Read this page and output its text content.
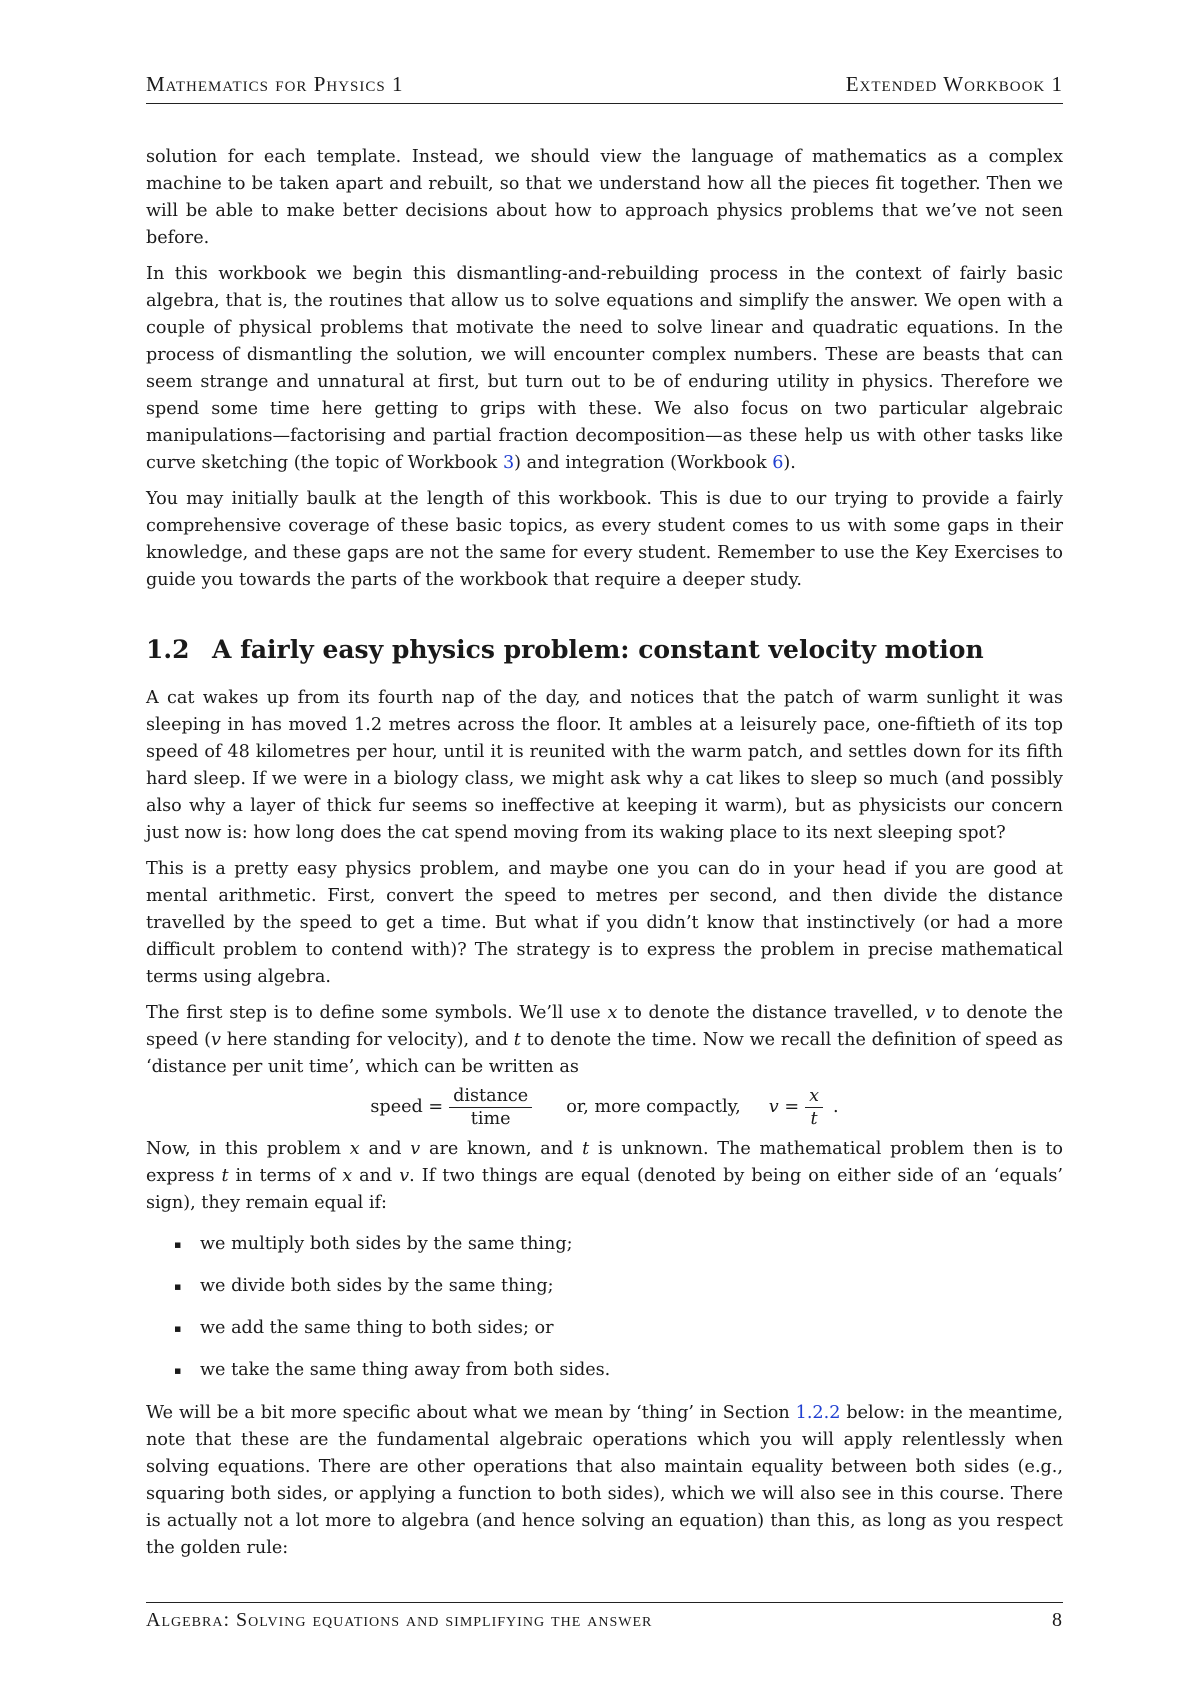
Mathematics for Physics 1	Extended Workbook 1

solution for each template. Instead, we should view the language of mathematics as a complex machine to be taken apart and rebuilt, so that we understand how all the pieces fit together. Then we will be able to make better decisions about how to approach physics problems that we’ve not seen before.

In this workbook we begin this dismantling-and-rebuilding process in the context of fairly basic algebra, that is, the routines that allow us to solve equations and simplify the answer. We open with a couple of physical problems that motivate the need to solve linear and quadratic equations. In the process of dismantling the solution, we will encounter complex numbers. These are beasts that can seem strange and unnatural at first, but turn out to be of enduring utility in physics. Therefore we spend some time here getting to grips with these. We also focus on two particular algebraic manipulations—factorising and partial fraction decomposition—as these help us with other tasks like curve sketching (the topic of Workbook 3) and integration (Workbook 6).

You may initially baulk at the length of this workbook. This is due to our trying to provide a fairly comprehensive coverage of these basic topics, as every student comes to us with some gaps in their knowledge, and these gaps are not the same for every student. Remember to use the Key Exercises to guide you towards the parts of the workbook that require a deeper study.

1.2 A fairly easy physics problem: constant velocity motion

A cat wakes up from its fourth nap of the day, and notices that the patch of warm sunlight it was sleeping in has moved 1.2 metres across the floor. It ambles at a leisurely pace, one-fiftieth of its top speed of 48 kilometres per hour, until it is reunited with the warm patch, and settles down for its fifth hard sleep. If we were in a biology class, we might ask why a cat likes to sleep so much (and possibly also why a layer of thick fur seems so ineffective at keeping it warm), but as physicists our concern just now is: how long does the cat spend moving from its waking place to its next sleeping spot?

This is a pretty easy physics problem, and maybe one you can do in your head if you are good at mental arithmetic. First, convert the speed to metres per second, and then divide the distance travelled by the speed to get a time. But what if you didn’t know that instinctively (or had a more difficult problem to contend with)? The strategy is to express the problem in precise mathematical terms using algebra.

The first step is to define some symbols. We’ll use x to denote the distance travelled, v to denote the speed (v here standing for velocity), and t to denote the time. Now we recall the definition of speed as ‘distance per unit time’, which can be written as

speed = $\frac{\text{distance}}{\text{time}}$ or, more compactly, $v = \frac{x}{t}$ .

Now, in this problem x and v are known, and t is unknown. The mathematical problem then is to express t in terms of x and v. If two things are equal (denoted by being on either side of an ‘equals’ sign), they remain equal if:

▪ we multiply both sides by the same thing;
▪ we divide both sides by the same thing;
▪ we add the same thing to both sides; or
▪ we take the same thing away from both sides.

We will be a bit more specific about what we mean by ‘thing’ in Section 1.2.2 below: in the meantime, note that these are the fundamental algebraic operations which you will apply relentlessly when solving equations. There are other operations that also maintain equality between both sides (e.g., squaring both sides, or applying a function to both sides), which we will also see in this course. There is actually not a lot more to algebra (and hence solving an equation) than this, as long as you respect the golden rule:

Algebra: Solving equations and simplifying the answer	8
